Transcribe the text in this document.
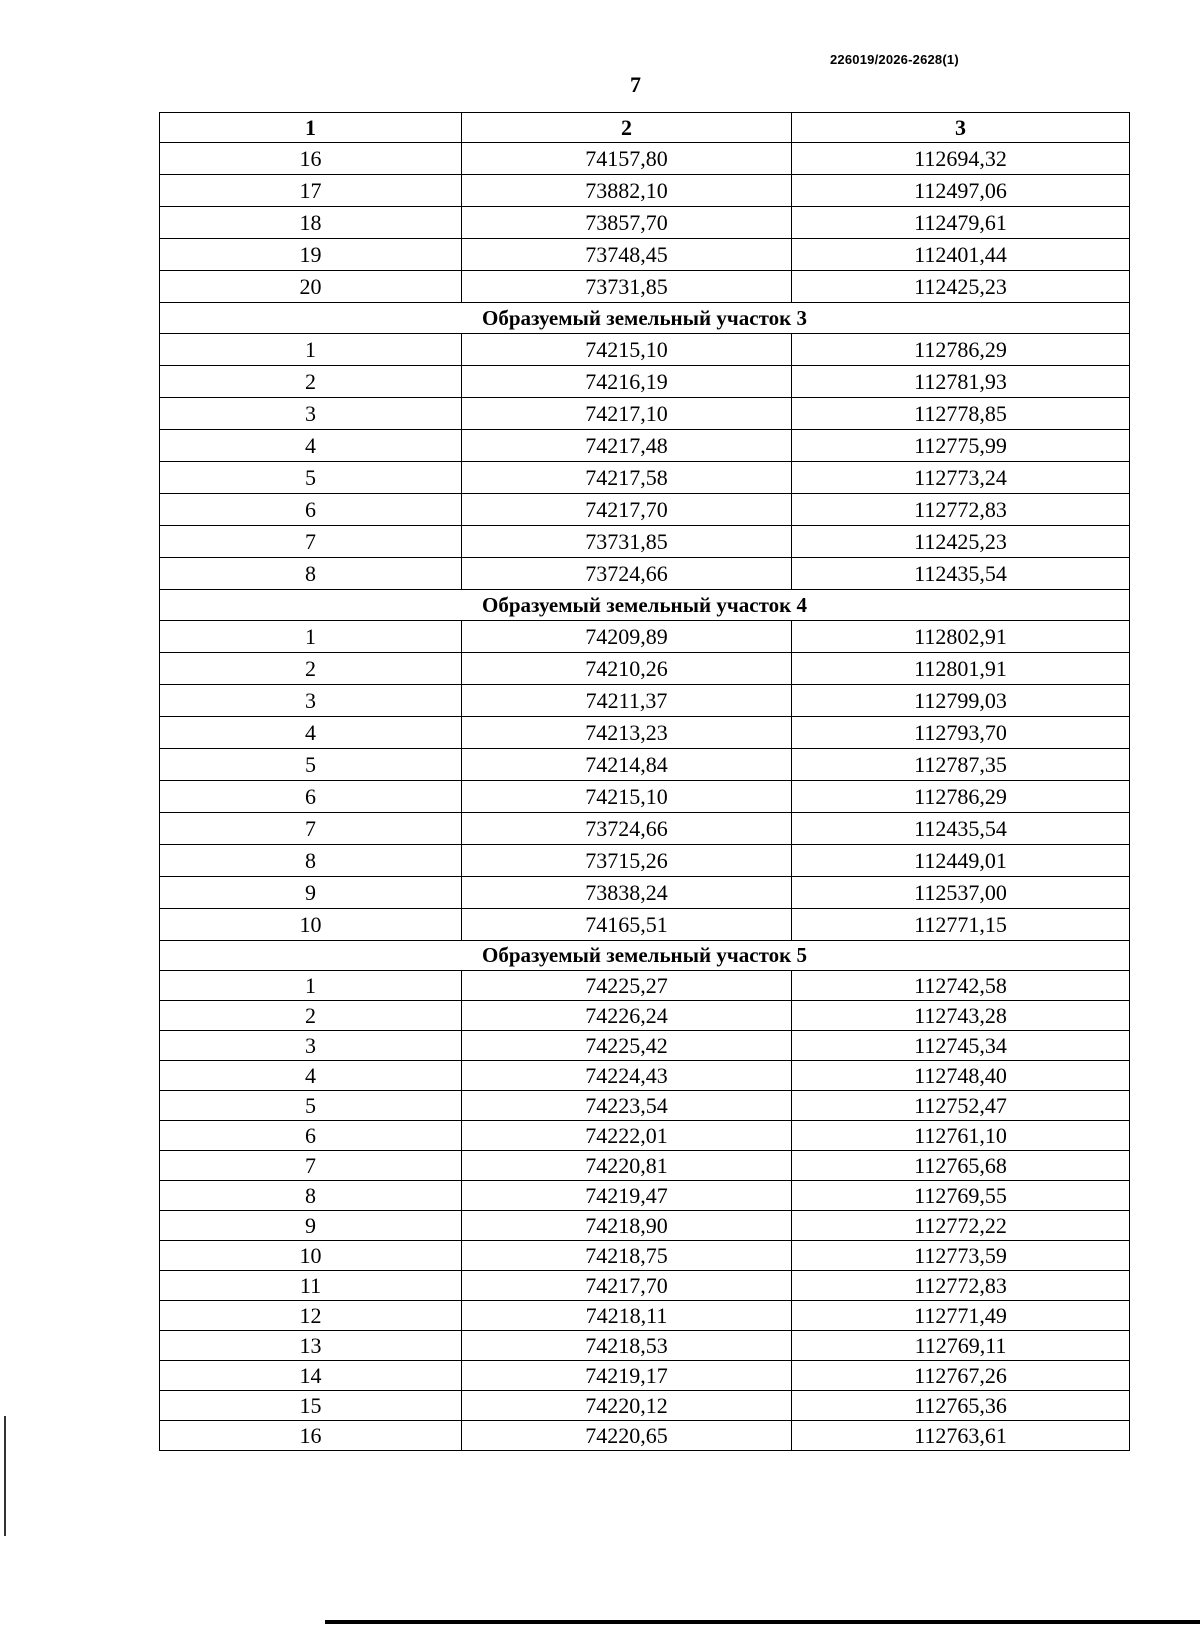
226019/2026-2628(1)
7
1	2	3
16	74157,80	112694,32
17	73882,10	112497,06
18	73857,70	112479,61
19	73748,45	112401,44
20	73731,85	112425,23
Образуемый земельный участок 3		
1	74215,10	112786,29
2	74216,19	112781,93
3	74217,10	112778,85
4	74217,48	112775,99
5	74217,58	112773,24
6	74217,70	112772,83
7	73731,85	112425,23
8	73724,66	112435,54
Образуемый земельный участок 4		
1	74209,89	112802,91
2	74210,26	112801,91
3	74211,37	112799,03
4	74213,23	112793,70
5	74214,84	112787,35
6	74215,10	112786,29
7	73724,66	112435,54
8	73715,26	112449,01
9	73838,24	112537,00
10	74165,51	112771,15
Образуемый земельный участок 5		
1	74225,27	112742,58
2	74226,24	112743,28
3	74225,42	112745,34
4	74224,43	112748,40
5	74223,54	112752,47
6	74222,01	112761,10
7	74220,81	112765,68
8	74219,47	112769,55
9	74218,90	112772,22
10	74218,75	112773,59
11	74217,70	112772,83
12	74218,11	112771,49
13	74218,53	112769,11
14	74219,17	112767,26
15	74220,12	112765,36
16	74220,65	112763,61
